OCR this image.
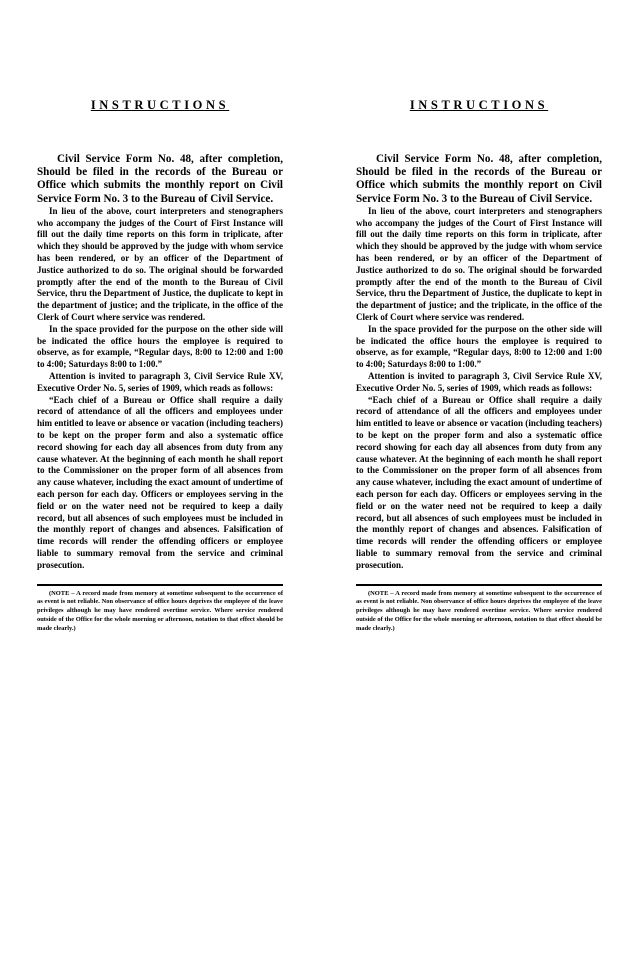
INSTRUCTIONS

Civil Service Form No. 48, after completion, Should be filed in the records of the Bureau or Office which submits the monthly report on Civil Service Form No. 3 to the Bureau of Civil Service.

In lieu of the above, court interpreters and stenographers who accompany the judges of the Court of First Instance will fill out the daily time reports on this form in triplicate, after which they should be approved by the judge with whom service has been rendered, or by an officer of the Department of Justice authorized to do so. The original should be forwarded promptly after the end of the month to the Bureau of Civil Service, thru the Department of Justice, the duplicate to kept in the department of justice; and the triplicate, in the office of the Clerk of Court where service was rendered.

In the space provided for the purpose on the other side will be indicated the office hours the employee is required to observe, as for example, “Regular days, 8:00 to 12:00 and 1:00 to 4:00; Saturdays 8:00 to 1:00.”

Attention is invited to paragraph 3, Civil Service Rule XV, Executive Order No. 5, series of 1909, which reads as follows:

“Each chief of a Bureau or Office shall require a daily record of attendance of all the officers and employees under him entitled to leave or absence or vacation (including teachers) to be kept on the proper form and also a systematic office record showing for each day all absences from duty from any cause whatever. At the beginning of each month he shall report to the Commissioner on the proper form of all absences from any cause whatever, including the exact amount of undertime of each person for each day. Officers or employees serving in the field or on the water need not be required to keep a daily record, but all absences of such employees must be included in the monthly report of changes and absences. Falsification of time records will render the offending officers or employee liable to summary removal from the service and criminal prosecution.

(NOTE – A record made from memory at sometime subsequent to the occurrence of as event is not reliable. Non observance of office hours deprives the employee of the leave privileges although he may have rendered overtime service. Where service rendered outside of the Office for the whole morning or afternoon, notation to that effect should be made clearly.)

INSTRUCTIONS

Civil Service Form No. 48, after completion, Should be filed in the records of the Bureau or Office which submits the monthly report on Civil Service Form No. 3 to the Bureau of Civil Service.

In lieu of the above, court interpreters and stenographers who accompany the judges of the Court of First Instance will fill out the daily time reports on this form in triplicate, after which they should be approved by the judge with whom service has been rendered, or by an officer of the Department of Justice authorized to do so. The original should be forwarded promptly after the end of the month to the Bureau of Civil Service, thru the Department of Justice, the duplicate to kept in the department of justice; and the triplicate, in the office of the Clerk of Court where service was rendered.

In the space provided for the purpose on the other side will be indicated the office hours the employee is required to observe, as for example, “Regular days, 8:00 to 12:00 and 1:00 to 4:00; Saturdays 8:00 to 1:00.”

Attention is invited to paragraph 3, Civil Service Rule XV, Executive Order No. 5, series of 1909, which reads as follows:

“Each chief of a Bureau or Office shall require a daily record of attendance of all the officers and employees under him entitled to leave or absence or vacation (including teachers) to be kept on the proper form and also a systematic office record showing for each day all absences from duty from any cause whatever. At the beginning of each month he shall report to the Commissioner on the proper form of all absences from any cause whatever, including the exact amount of undertime of each person for each day. Officers or employees serving in the field or on the water need not be required to keep a daily record, but all absences of such employees must be included in the monthly report of changes and absences. Falsification of time records will render the offending officers or employee liable to summary removal from the service and criminal prosecution.

(NOTE – A record made from memory at sometime subsequent to the occurrence of as event is not reliable. Non observance of office hours deprives the employee of the leave privileges although he may have rendered overtime service. Where service rendered outside of the Office for the whole morning or afternoon, notation to that effect should be made clearly.)
